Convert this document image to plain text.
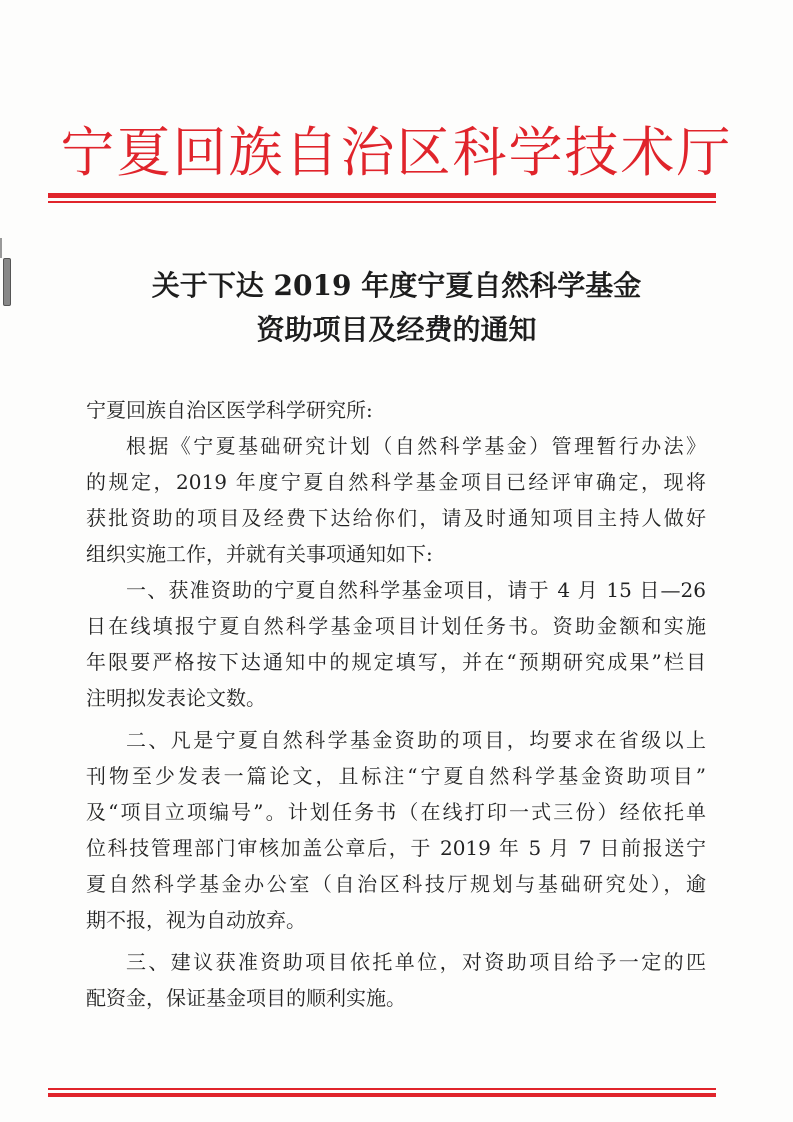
宁夏回族自治区科学技术厅
关于下达 2019 年度宁夏自然科学基金
资助项目及经费的通知
宁夏回族自治区医学科学研究所:
根据《宁夏基础研究计划（自然科学基金）管理暂行办法》
的规定，2019 年度宁夏自然科学基金项目已经评审确定，现将
获批资助的项目及经费下达给你们，请及时通知项目主持人做好
组织实施工作，并就有关事项通知如下:
一、获准资助的宁夏自然科学基金项目，请于 4 月 15 日—26
日在线填报宁夏自然科学基金项目计划任务书。资助金额和实施
年限要严格按下达通知中的规定填写，并在“预期研究成果”栏目
注明拟发表论文数。
二、凡是宁夏自然科学基金资助的项目，均要求在省级以上
刊物至少发表一篇论文，且标注“宁夏自然科学基金资助项目”
及“项目立项编号”。计划任务书（在线打印一式三份）经依托单
位科技管理部门审核加盖公章后，于 2019 年 5 月 7 日前报送宁
夏自然科学基金办公室（自治区科技厅规划与基础研究处），逾
期不报，视为自动放弃。
三、建议获准资助项目依托单位，对资助项目给予一定的匹
配资金，保证基金项目的顺利实施。
